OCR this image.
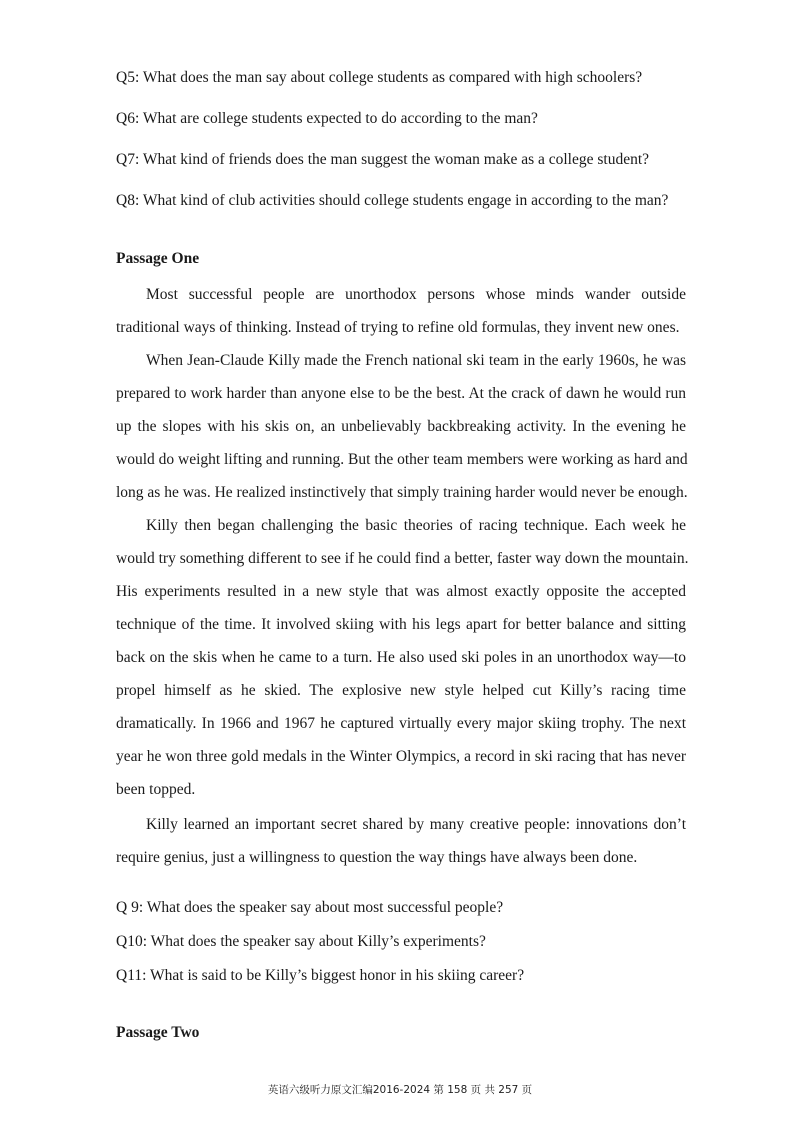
Q5: What does the man say about college students as compared with high schoolers?
Q6: What are college students expected to do according to the man?
Q7: What kind of friends does the man suggest the woman make as a college student?
Q8: What kind of club activities should college students engage in according to the man?
Passage One
Most successful people are unorthodox persons whose minds wander outside
traditional ways of thinking. Instead of trying to refine old formulas, they invent new ones.
When Jean-Claude Killy made the French national ski team in the early 1960s, he was
prepared to work harder than anyone else to be the best. At the crack of dawn he would run
up the slopes with his skis on, an unbelievably backbreaking activity. In the evening he
would do weight lifting and running. But the other team members were working as hard and
long as he was. He realized instinctively that simply training harder would never be enough.
Killy then began challenging the basic theories of racing technique. Each week he
would try something different to see if he could find a better, faster way down the mountain.
His experiments resulted in a new style that was almost exactly opposite the accepted
technique of the time. It involved skiing with his legs apart for better balance and sitting
back on the skis when he came to a turn. He also used ski poles in an unorthodox way—to
propel himself as he skied. The explosive new style helped cut Killy’s racing time
dramatically. In 1966 and 1967 he captured virtually every major skiing trophy. The next
year he won three gold medals in the Winter Olympics, a record in ski racing that has never
been topped.
Killy learned an important secret shared by many creative people: innovations don’t
require genius, just a willingness to question the way things have always been done.
Q 9: What does the speaker say about most successful people?
Q10: What does the speaker say about Killy’s experiments?
Q11: What is said to be Killy’s biggest honor in his skiing career?
Passage Two
英语六级听力原文汇编2016-2024 第 158 页 共 257 页
